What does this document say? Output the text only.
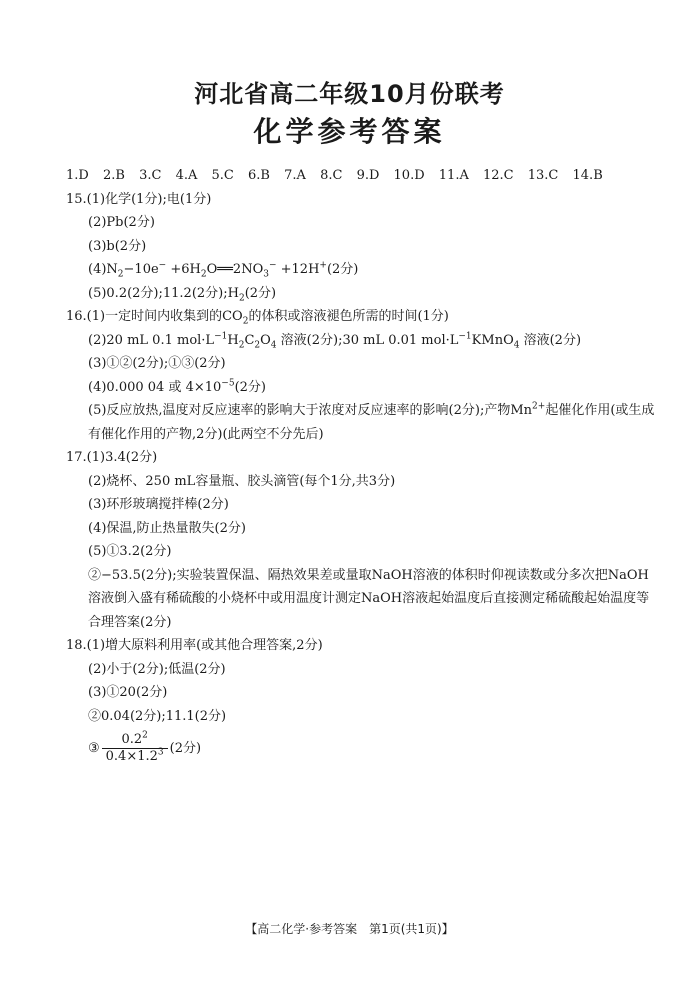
河北省高二年级10月份联考
化学参考答案
1.D 2.B 3.C 4.A 5.C 6.B 7.A 8.C 9.D 10.D 11.A 12.C 13.C 14.B
15.(1)化学(1分);电(1分)
(2)Pb(2分)
(3)b(2分)
$(4)N_2-10e^-$ $+6H_2O══2NO_3^- +12H^+(2$分)
(5)0.2(2分);11.2(2分)$;H_2(2$分)
16.(1)一定时间内收集到的$CO_2$的体积或溶液褪色所需的时间(1分)
(2)20 mL 0.1 $mol\cdot L^{-1}H_2C_2O_4$ 溶液(2分);30 mL 0.01 $mol\cdot L^{-1}KMnO_4$ 溶液(2分)
(3)①②(2分);①③(2分)
(4)0.000 04 或 $4\times 10^{-5}(2$分)
(5)反应放热,温度对反应速率的影响大于浓度对反应速率的影响(2分);产物$Mn^{2+}$起催化作用(或生成有催化作用的产物,2分)(此两空不分先后)
17.(1)3.4(2分)
(2)烧杯、250 mL容量瓶、胶头滴管(每个1分,共3分)
(3)环形玻璃搅拌棒(2分)
(4)保温,防止热量散失(2分)
(5)①3.2(2分)
②−53.5(2分);实验装置保温、隔热效果差或量取NaOH溶液的体积时仰视读数或分多次把NaOH溶液倒入盛有稀硫酸的小烧杯中或用温度计测定NaOH溶液起始温度后直接测定稀硫酸起始温度等合理答案(2分)
18.(1)增大原料利用率(或其他合理答案,2分)
(2)小于(2分);低温(2分)
(3)①20(2分)
②0.04(2分);11.1(2分)
③ $\frac{0.2^2}{0.4\times 1.2^3} (2$分)
【高二化学·参考答案　第1页(共1页)】
